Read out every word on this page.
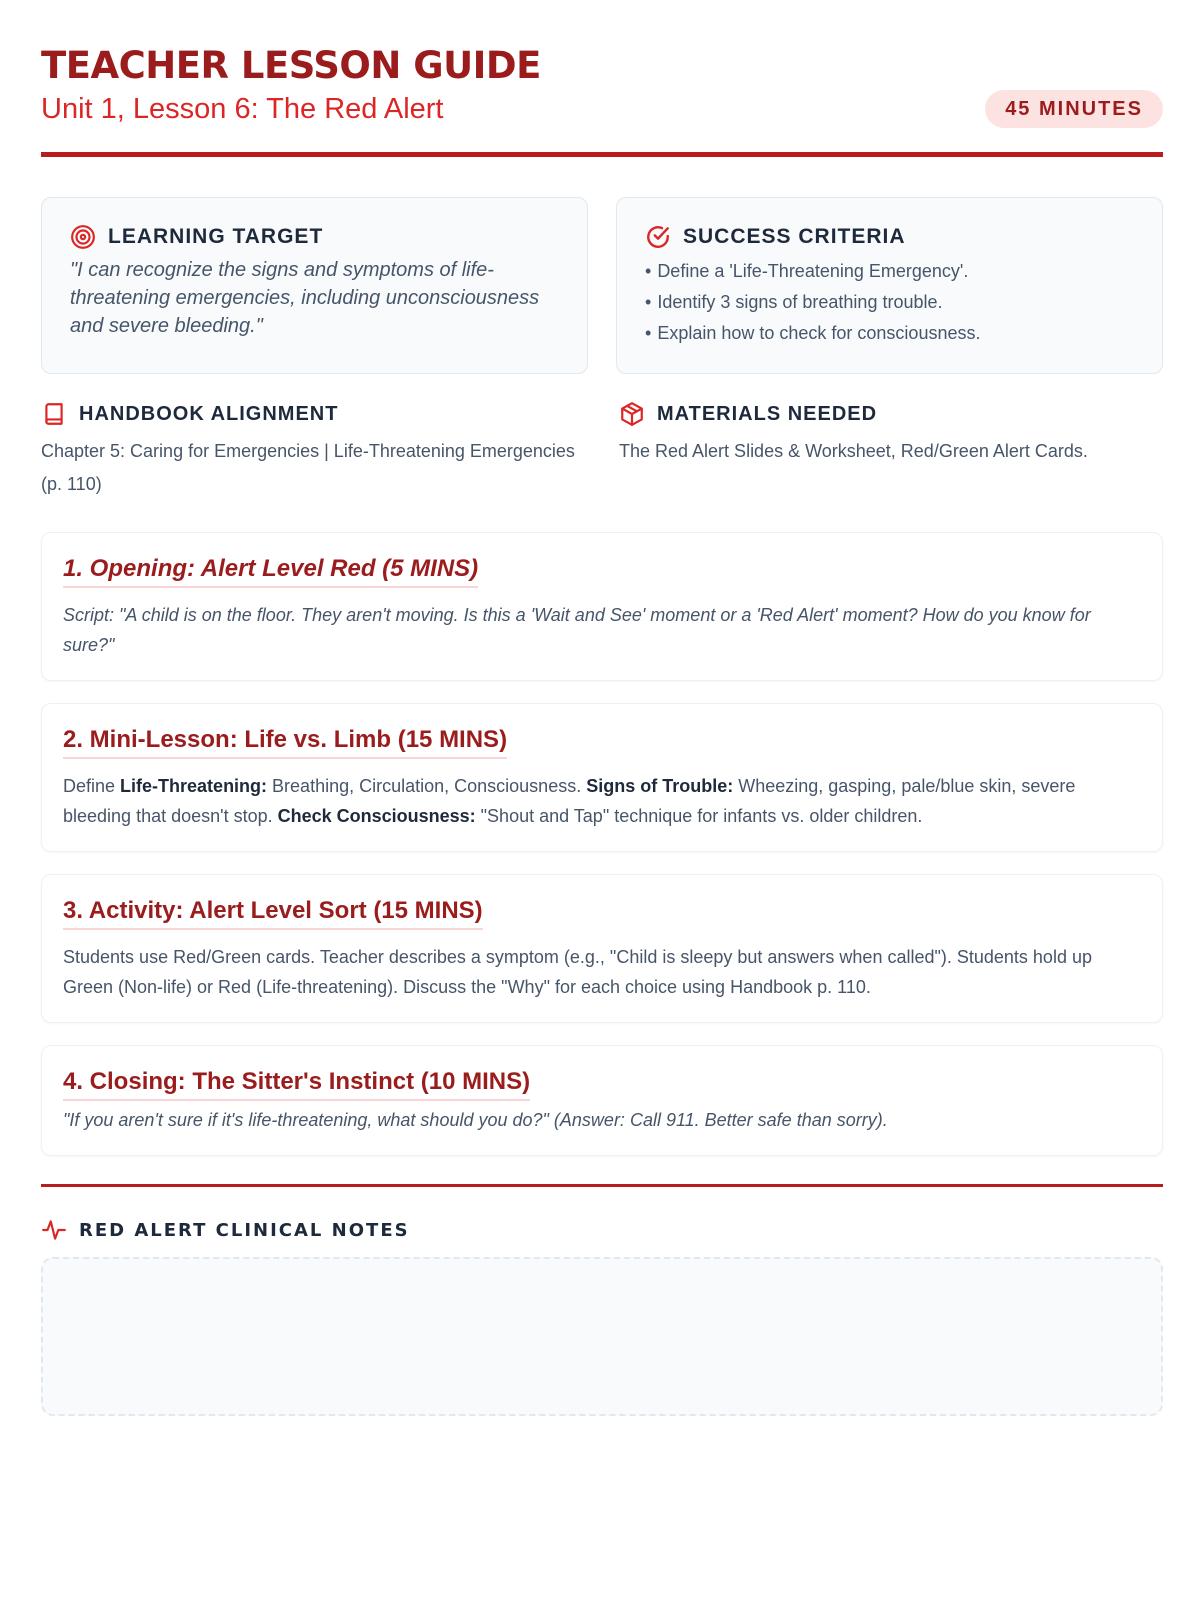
TEACHER LESSON GUIDE
Unit 1, Lesson 6: The Red Alert	45 MINUTES
LEARNING TARGET

"I can recognize the signs and symptoms of life-threatening emergencies, including unconsciousness and severe bleeding."

SUCCESS CRITERIA
• Define a 'Life-Threatening Emergency'.
• Identify 3 signs of breathing trouble.
• Explain how to check for consciousness.
HANDBOOK ALIGNMENT

Chapter 5: Caring for Emergencies | Life-Threatening Emergencies (p. 110)

MATERIALS NEEDED

The Red Alert Slides & Worksheet, Red/Green Alert Cards.

1. Opening: Alert Level Red (5 MINS)

Script: "A child is on the floor. They aren't moving. Is this a 'Wait and See' moment or a 'Red Alert' moment? How do you know for sure?"

2. Mini-Lesson: Life vs. Limb (15 MINS)

Define Life-Threatening: Breathing, Circulation, Consciousness. Signs of Trouble: Wheezing, gasping, pale/blue skin, severe bleeding that doesn't stop. Check Consciousness: "Shout and Tap" technique for infants vs. older children.

3. Activity: Alert Level Sort (15 MINS)

Students use Red/Green cards. Teacher describes a symptom (e.g., "Child is sleepy but answers when called"). Students hold up Green (Non-life) or Red (Life-threatening). Discuss the "Why" for each choice using Handbook p. 110.

4. Closing: The Sitter's Instinct (10 MINS)

"If you aren't sure if it's life-threatening, what should you do?" (Answer: Call 911. Better safe than sorry).

RED ALERT CLINICAL NOTES
